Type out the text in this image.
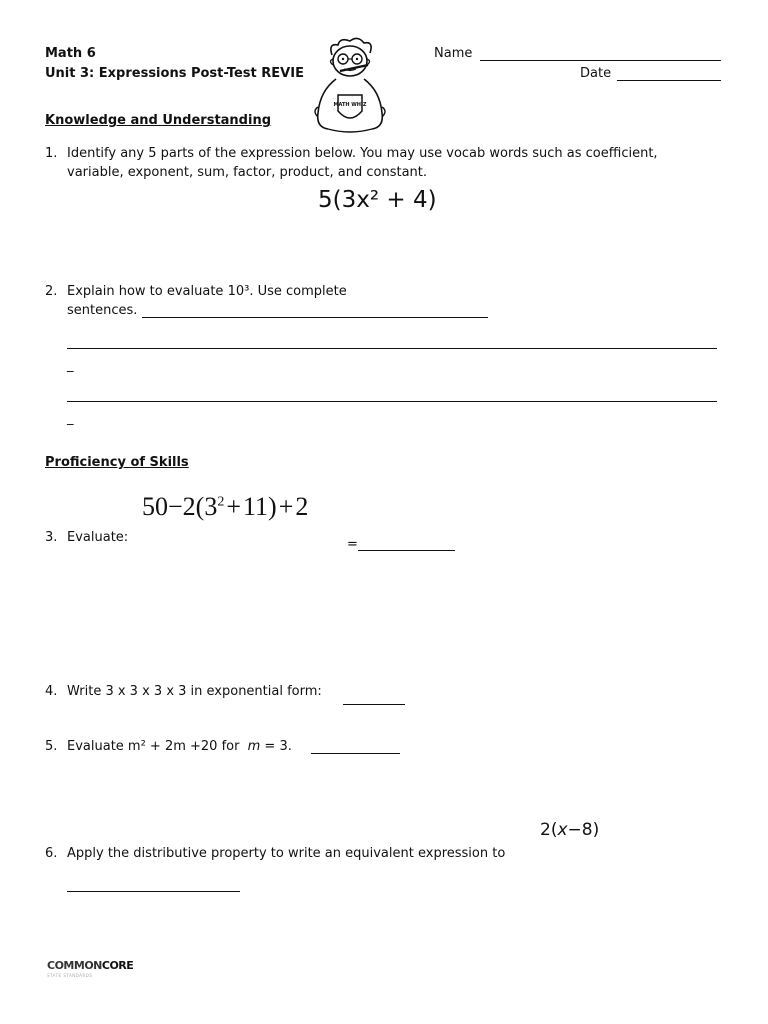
Math 6
Unit 3: Expressions Post-Test REVIE
Name
Date
MATH WHIZ
Knowledge and Understanding
1. Identify any 5 parts of the expression below. You may use vocab words such as coefficient,
variable, exponent, sum, factor, product, and constant.
5(3x² + 4)
2. Explain how to evaluate 10³. Use complete
sentences.
_
_
Proficiency of Skills
$50-2(3^2+11)+2$
3. Evaluate:	=
4. Write 3 x 3 x 3 x 3 in exponential form:
5. Evaluate m² + 2m +20 for m = 3.
2(x−8)
6. Apply the distributive property to write an equivalent expression to
COMMONCORE
STATE STANDARDS
